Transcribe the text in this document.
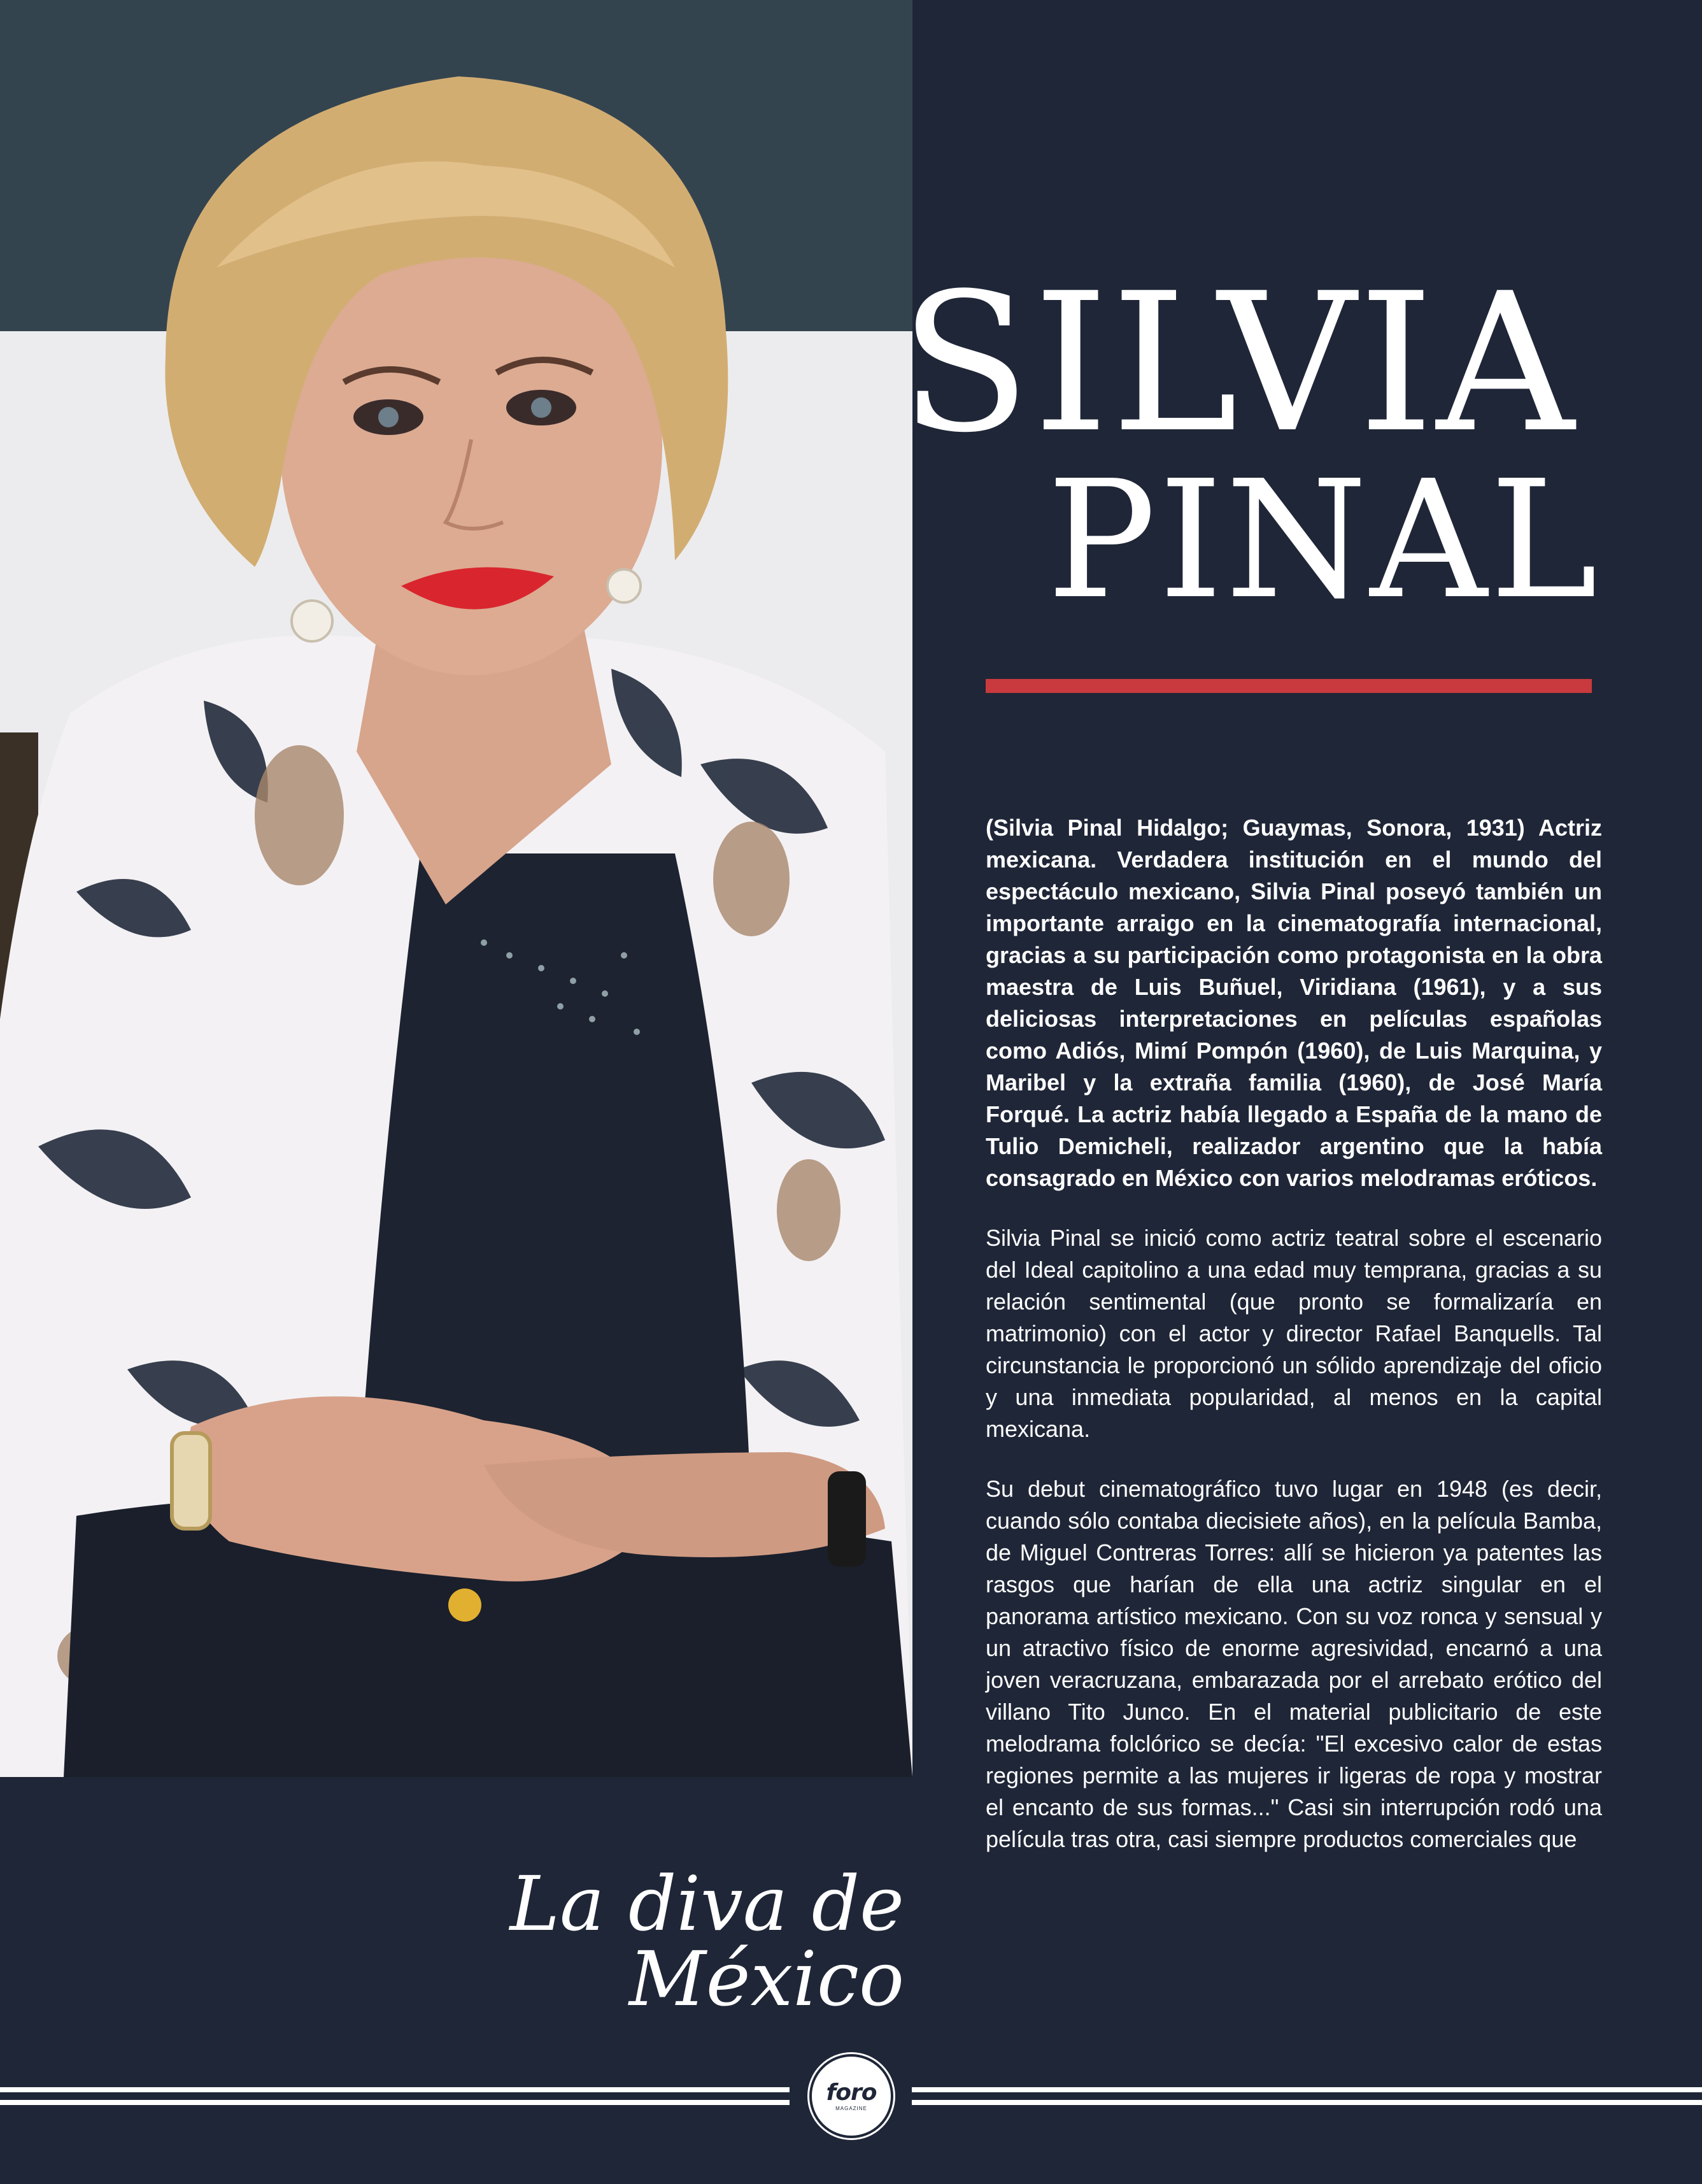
SILVIA
PINAL

(Silvia Pinal Hidalgo; Guaymas, Sonora, 1931) Actriz mexicana. Verdadera institución en el mundo del espectáculo mexicano, Silvia Pinal poseyó también un importante arraigo en la cinematografía internacional, gracias a su participación como protagonista en la obra maestra de Luis Buñuel, Viridiana (1961), y a sus deliciosas interpretaciones en películas españolas como Adiós, Mimí Pompón (1960), de Luis Marquina, y Maribel y la extraña familia (1960), de José María Forqué. La actriz había llegado a España de la mano de Tulio Demicheli, realizador argentino que la había consagrado en México con varios melodramas eróticos.

Silvia Pinal se inició como actriz teatral sobre el escenario del Ideal capitolino a una edad muy temprana, gracias a su relación sentimental (que pronto se formalizaría en matrimonio) con el actor y director Rafael Banquells. Tal circunstancia le proporcionó un sólido aprendizaje del oficio y una inmediata popularidad, al menos en la capital mexicana.

Su debut cinematográfico tuvo lugar en 1948 (es decir, cuando sólo contaba diecisiete años), en la película Bamba, de Miguel Contreras Torres: allí se hicieron ya patentes las rasgos que harían de ella una actriz singular en el panorama artístico mexicano. Con su voz ronca y sensual y un atractivo físico de enorme agresividad, encarnó a una joven veracruzana, embarazada por el arrebato erótico del villano Tito Junco. En el material publicitario de este melodrama folclórico se decía: "El excesivo calor de estas regiones permite a las mujeres ir ligeras de ropa y mostrar el encanto de sus formas..." Casi sin interrupción rodó una película tras otra, casi siempre productos comerciales que

La diva de México
foro
MAGAZINE
